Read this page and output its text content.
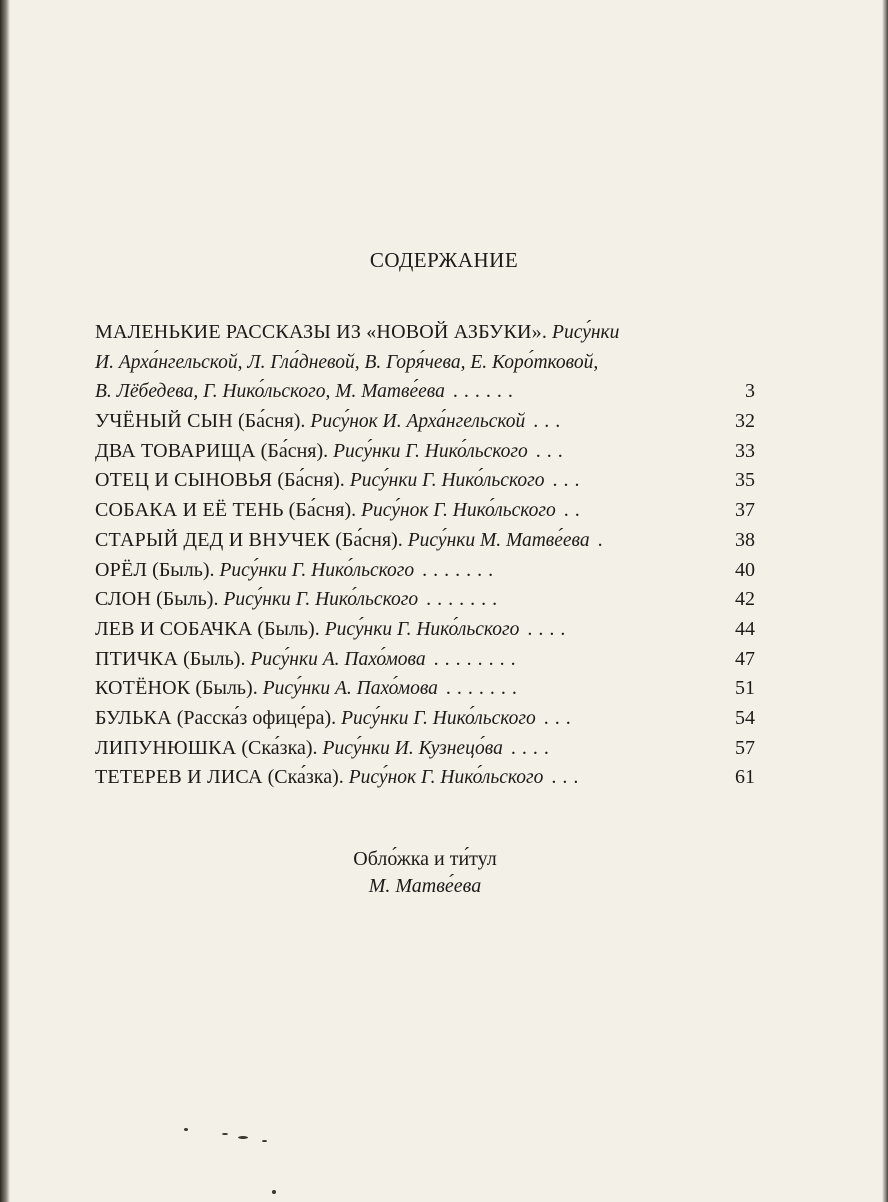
СОДЕРЖАНИЕ
МАЛЕНЬКИЕ РАССКАЗЫ ИЗ «НОВОЙ АЗБУКИ». Рису́нки
И. Арха́нгельской, Л. Гла́дневой, В. Горя́чева, Е. Коро́тковой,
В. Лёбедева, Г. Нико́льского, М. Матве́ева ......	3
УЧЁНЫЙ СЫН (Ба́сня). Рису́нок И. Арха́нгельской ...	32
ДВА ТОВАРИЩА (Ба́сня). Рису́нки Г. Нико́льского ...	33
ОТЕЦ И СЫНОВЬЯ (Ба́сня). Рису́нки Г. Нико́льского ...	35
СОБАКА И ЕЁ ТЕНЬ (Ба́сня). Рису́нок Г. Нико́льского ..	37
СТАРЫЙ ДЕД И ВНУЧЕК (Ба́сня). Рису́нки М. Матве́ева .	38
ОРЁЛ (Быль). Рису́нки Г. Нико́льского .......	40
СЛОН (Быль). Рису́нки Г. Нико́льского .......	42
ЛЕВ И СОБАЧКА (Быль). Рису́нки Г. Нико́льского ....	44
ПТИЧКА (Быль). Рису́нки А. Пахо́мова ........	47
КОТЁНОК (Быль). Рису́нки А. Пахо́мова .......	51
БУЛЬКА (Расска́з офице́ра). Рису́нки Г. Нико́льского ...	54
ЛИПУНЮШКА (Ска́зка). Рису́нки И. Кузнецо́ва ....	57
ТЕТЕРЕВ И ЛИСА (Ска́зка). Рису́нок Г. Нико́льского ...	61
Обло́жка и ти́тул
М. Матве́ева
